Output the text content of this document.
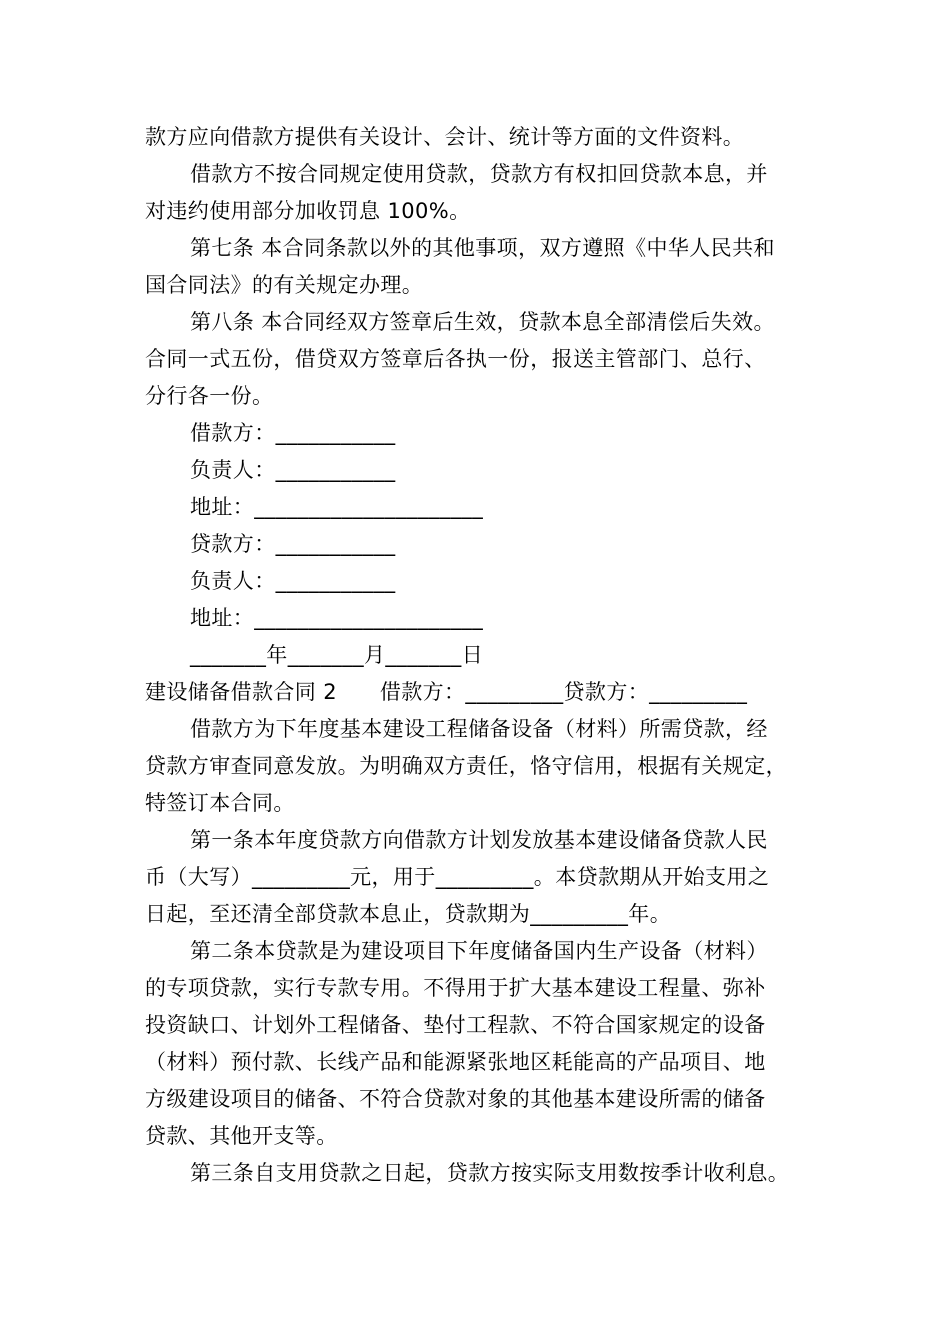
款方应向借款方提供有关设计、会计、统计等方面的文件资料。
借款方不按合同规定使用贷款，贷款方有权扣回贷款本息，并
对违约使用部分加收罚息 100%。
第七条 本合同条款以外的其他事项，双方遵照《中华人民共和
国合同法》的有关规定办理。
第八条 本合同经双方签章后生效，贷款本息全部清偿后失效。
合同一式五份，借贷双方签章后各执一份，报送主管部门、总行、
分行各一份。
借款方：___________
负责人：___________
地址：_____________________
贷款方：___________
负责人：___________
地址：_____________________
_______年_______月_______日
建设储备借款合同 2　　借款方：_________贷款方：_________
借款方为下年度基本建设工程储备设备（材料）所需贷款，经
贷款方审查同意发放。为明确双方责任，恪守信用，根据有关规定，
特签订本合同。
第一条本年度贷款方向借款方计划发放基本建设储备贷款人民
币（大写）_________元，用于_________。本贷款期从开始支用之
日起，至还清全部贷款本息止，贷款期为_________年。
第二条本贷款是为建设项目下年度储备国内生产设备（材料）
的专项贷款，实行专款专用。不得用于扩大基本建设工程量、弥补
投资缺口、计划外工程储备、垫付工程款、不符合国家规定的设备
（材料）预付款、长线产品和能源紧张地区耗能高的产品项目、地
方级建设项目的储备、不符合贷款对象的其他基本建设所需的储备
贷款、其他开支等。
第三条自支用贷款之日起，贷款方按实际支用数按季计收利息。
